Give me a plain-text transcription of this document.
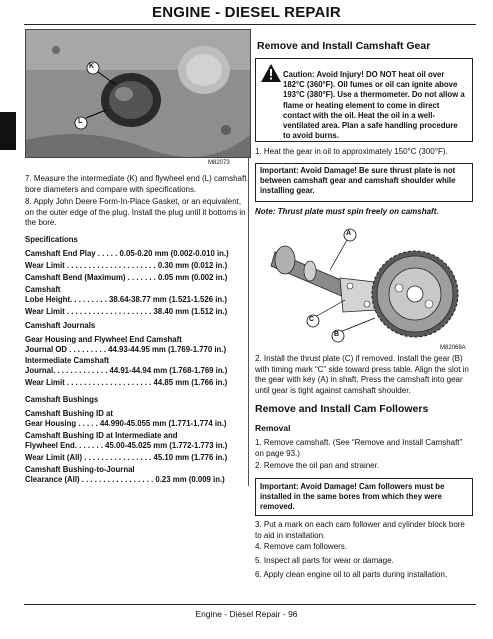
ENGINE - DIESEL REPAIR
K
L
M82073
7. Measure the intermediate (K) and flywheel end (L) camshaft bore diameters and compare with specifications.
8. Apply John Deere Form-In-Place Gasket, or an equivalent, on the outer edge of the plug. Install the plug until it bottoms in the bore.
Specifications
Camshaft End Play . . . . . 0.05-0.20 mm (0.002-0.010 in.)
Wear Limit . . . . . . . . . . . . . . . . . . . . . 0.30 mm (0.012 in.)
Camshaft Bend (Maximum) . . . . . . . 0.05 mm (0.002 in.)
Camshaft
Lobe Height. . . . . . . . . 38.64-38.77 mm (1.521-1.526 in.)
Wear Limit . . . . . . . . . . . . . . . . . . . . 38.40 mm (1.512 in.)
Camshaft Journals
Gear Housing and Flywheel End Camshaft
Journal OD . . . . . . . . . 44.93-44.95 mm (1.769-1.770 in.)
Intermediate Camshaft
Journal. . . . . . . . . . . . . 44.91-44.94 mm (1.768-1.769 in.)
Wear Limit . . . . . . . . . . . . . . . . . . . . 44.85 mm (1.766 in.)
Camshaft Bushings
Camshaft Bushing ID at
Gear Housing . . . . . 44.990-45.055 mm (1.771-1.774 in.)
Camshaft Bushing ID at Intermediate and
Flywheel End. . . . . . . 45.00-45.025 mm (1.772-1.773 in.)
Wear Limit (All) . . . . . . . . . . . . . . . . 45.10 mm (1.776 in.)
Camshaft Bushing-to-Journal
Clearance (All) . . . . . . . . . . . . . . . . . 0.23 mm (0.009 in.)
Remove and Install Camshaft Gear
Caution: Avoid Injury! DO NOT heat oil over 182°C (360°F). Oil fumes or oil can ignite above 193°C (380°F). Use a thermometer. Do not allow a flame or heating element to come in direct contact with the oil. Heat the oil in a well-ventilated area. Plan a safe handling procedure to avoid burns.
1. Heat the gear in oil to approximately 150°C (300°F).
Important: Avoid Damage! Be sure thrust plate is not between camshaft gear and camshaft shoulder while installing gear.
Note: Thrust plate must spin freely on camshaft.
A
C
B
M82068A
2. Install the thrust plate (C) if removed. Install the gear (B) with timing mark “C” side toward press table. Align the slot in the gear with key (A) in shaft. Press the camshaft into gear until gear is tight against camshaft shoulder.
Remove and Install Cam Followers
Removal
1. Remove camshaft. (See “Remove and Install Camshaft” on page 93.)
2. Remove the oil pan and strainer.
Important: Avoid Damage! Cam followers must be installed in the same bores from which they were removed.
3. Put a mark on each cam follower and cylinder block bore to aid in installation.
4. Remove cam followers.
5. Inspect all parts for wear or damage.
6. Apply clean engine oil to all parts during installation.
Engine - Diesel Repair - 96
